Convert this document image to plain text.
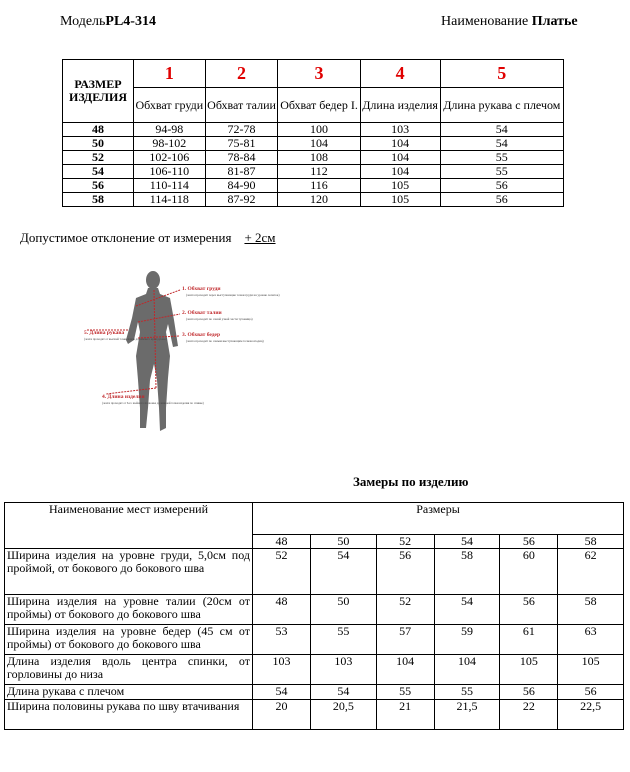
МодельPL4-314	Наименование Платье
РАЗМЕР ИЗДЕЛИЯ	1	2	3	4	5
	Обхват груди	Обхват талии	Обхват бедер I.	Длина изделия	Длина рукава с плечом
48	94-98	72-78	100	103	54
50	98-102	75-81	104	104	54
52	102-106	78-84	108	104	55
54	106-110	81-87	112	104	55
56	110-114	84-90	116	105	56
58	114-118	87-92	120	105	56
Допустимое отклонение от измерения + 2см
1. Обхват груди
(лента проходит через выступающие точки груди на уровне лопаток)
2. Обхват талии
(лента проходит по самой узкой части туловища)
3. Обхват бедер
(лента проходит по самым выступающим точкам ягодиц)
5. Длина рукава
(лента проходит от высшей точки плеча до нижнего края рукава)
4. Длина изделия
(лента проходит от 6-го шейного позвонка до нижней точки изделия по спинке)
Замеры по изделию
Наименование мест измерений	Размеры					
	48	50	52	54	56	58
Ширина изделия на уровне груди, 5,0см под проймой, от бокового до бокового шва	52	54	56	58	60	62
Ширина изделия на уровне талии (20см от проймы) от бокового до бокового шва	48	50	52	54	56	58
Ширина изделия на уровне бедер (45 см от проймы) от бокового до бокового шва	53	55	57	59	61	63
Длина изделия вдоль центра спинки, от горловины до низа	103	103	104	104	105	105
Длина рукава с плечом	54	54	55	55	56	56
Ширина половины рукава по шву втачивания	20	20,5	21	21,5	22	22,5
